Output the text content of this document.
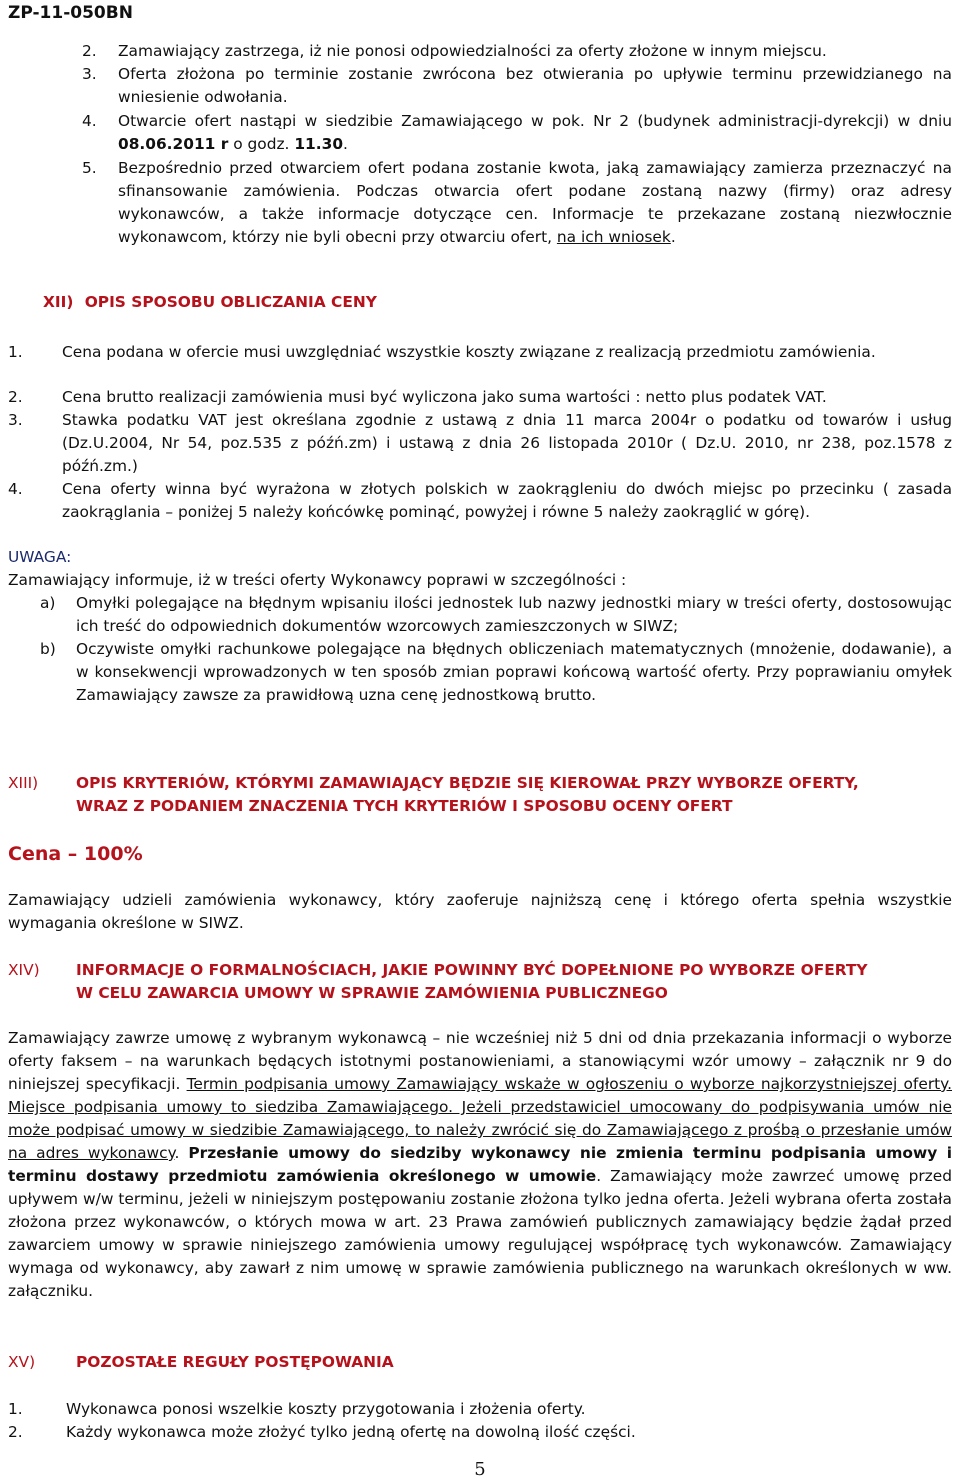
ZP-11-050BN
2. Zamawiający zastrzega, iż nie ponosi odpowiedzialności za oferty złożone w innym miejscu.
3. Oferta złożona po terminie zostanie zwrócona bez otwierania po upływie terminu przewidzianego na wniesienie odwołania.
4. Otwarcie ofert nastąpi w siedzibie Zamawiającego w pok. Nr 2 (budynek administracji-dyrekcji) w dniu 08.06.2011 r o godz. 11.30.
5. Bezpośrednio przed otwarciem ofert podana zostanie kwota, jaką zamawiający zamierza przeznaczyć na sfinansowanie zamówienia. Podczas otwarcia ofert podane zostaną nazwy (firmy) oraz adresy wykonawców, a także informacje dotyczące cen. Informacje te przekazane zostaną niezwłocznie wykonawcom, którzy nie byli obecni przy otwarciu ofert, na ich wniosek.
XII) OPIS SPOSOBU OBLICZANIA CENY
1.	Cena podana w ofercie musi uwzględniać wszystkie koszty związane z realizacją przedmiotu zamówienia.
2.	Cena brutto realizacji zamówienia musi być wyliczona jako suma wartości : netto plus podatek VAT.
3.	Stawka podatku VAT jest określana zgodnie z ustawą z dnia 11 marca 2004r o podatku od towarów i usług (Dz.U.2004, Nr 54, poz.535 z późń.zm) i ustawą z dnia 26 listopada 2010r ( Dz.U. 2010, nr 238, poz.1578 z późń.zm.)
4.	Cena oferty winna być wyrażona w złotych polskich w zaokrągleniu do dwóch miejsc po przecinku ( zasada zaokrąglania – poniżej 5 należy końcówkę pominąć, powyżej i równe 5 należy zaokrąglić w górę).
UWAGA:
Zamawiający informuje, iż w treści oferty Wykonawcy poprawi w szczególności :
a) Omyłki polegające na błędnym wpisaniu ilości jednostek lub nazwy jednostki miary w treści oferty, dostosowując ich treść do odpowiednich dokumentów wzorcowych zamieszczonych w SIWZ;
b) Oczywiste omyłki rachunkowe polegające na błędnych obliczeniach matematycznych (mnożenie, dodawanie), a w konsekwencji wprowadzonych w ten sposób zmian poprawi końcową wartość oferty. Przy poprawianiu omyłek Zamawiający zawsze za prawidłową uzna cenę jednostkową brutto.
XIII) OPIS KRYTERIÓW, KTÓRYMI ZAMAWIAJĄCY BĘDZIE SIĘ KIEROWAŁ PRZY WYBORZE OFERTY,
WRAZ Z PODANIEM ZNACZENIA TYCH KRYTERIÓW I SPOSOBU OCENY OFERT
Cena – 100%
Zamawiający udzieli zamówienia wykonawcy, który zaoferuje najniższą cenę i którego oferta spełnia wszystkie wymagania określone w SIWZ.
XIV) INFORMACJE O FORMALNOŚCIACH, JAKIE POWINNY BYĆ DOPEŁNIONE PO WYBORZE OFERTY
W CELU ZAWARCIA UMOWY W SPRAWIE ZAMÓWIENIA PUBLICZNEGO
Zamawiający zawrze umowę z wybranym wykonawcą – nie wcześniej niż 5 dni od dnia przekazania informacji o wyborze oferty faksem – na warunkach będących istotnymi postanowieniami, a stanowiącymi wzór umowy – załącznik nr 9 do niniejszej specyfikacji. Termin podpisania umowy Zamawiający wskaże w ogłoszeniu o wyborze najkorzystniejszej oferty. Miejsce podpisania umowy to siedziba Zamawiającego. Jeżeli przedstawiciel umocowany do podpisywania umów nie może podpisać umowy w siedzibie Zamawiającego, to należy zwrócić się do Zamawiającego z prośbą o przesłanie umów na adres wykonawcy. Przesłanie umowy do siedziby wykonawcy nie zmienia terminu podpisania umowy i terminu dostawy przedmiotu zamówienia określonego w umowie. Zamawiający może zawrzeć umowę przed upływem w/w terminu, jeżeli w niniejszym postępowaniu zostanie złożona tylko jedna oferta. Jeżeli wybrana oferta została złożona przez wykonawców, o których mowa w art. 23 Prawa zamówień publicznych zamawiający będzie żądał przed zawarciem umowy w sprawie niniejszego zamówienia umowy regulującej współpracę tych wykonawców. Zamawiający wymaga od wykonawcy, aby zawarł z nim umowę w sprawie zamówienia publicznego na warunkach określonych w ww. załączniku.
XV)	POZOSTAŁE REGUŁY POSTĘPOWANIA
1.	Wykonawca ponosi wszelkie koszty przygotowania i złożenia oferty.
2.	Każdy wykonawca może złożyć tylko jedną ofertę na dowolną ilość części.
5
